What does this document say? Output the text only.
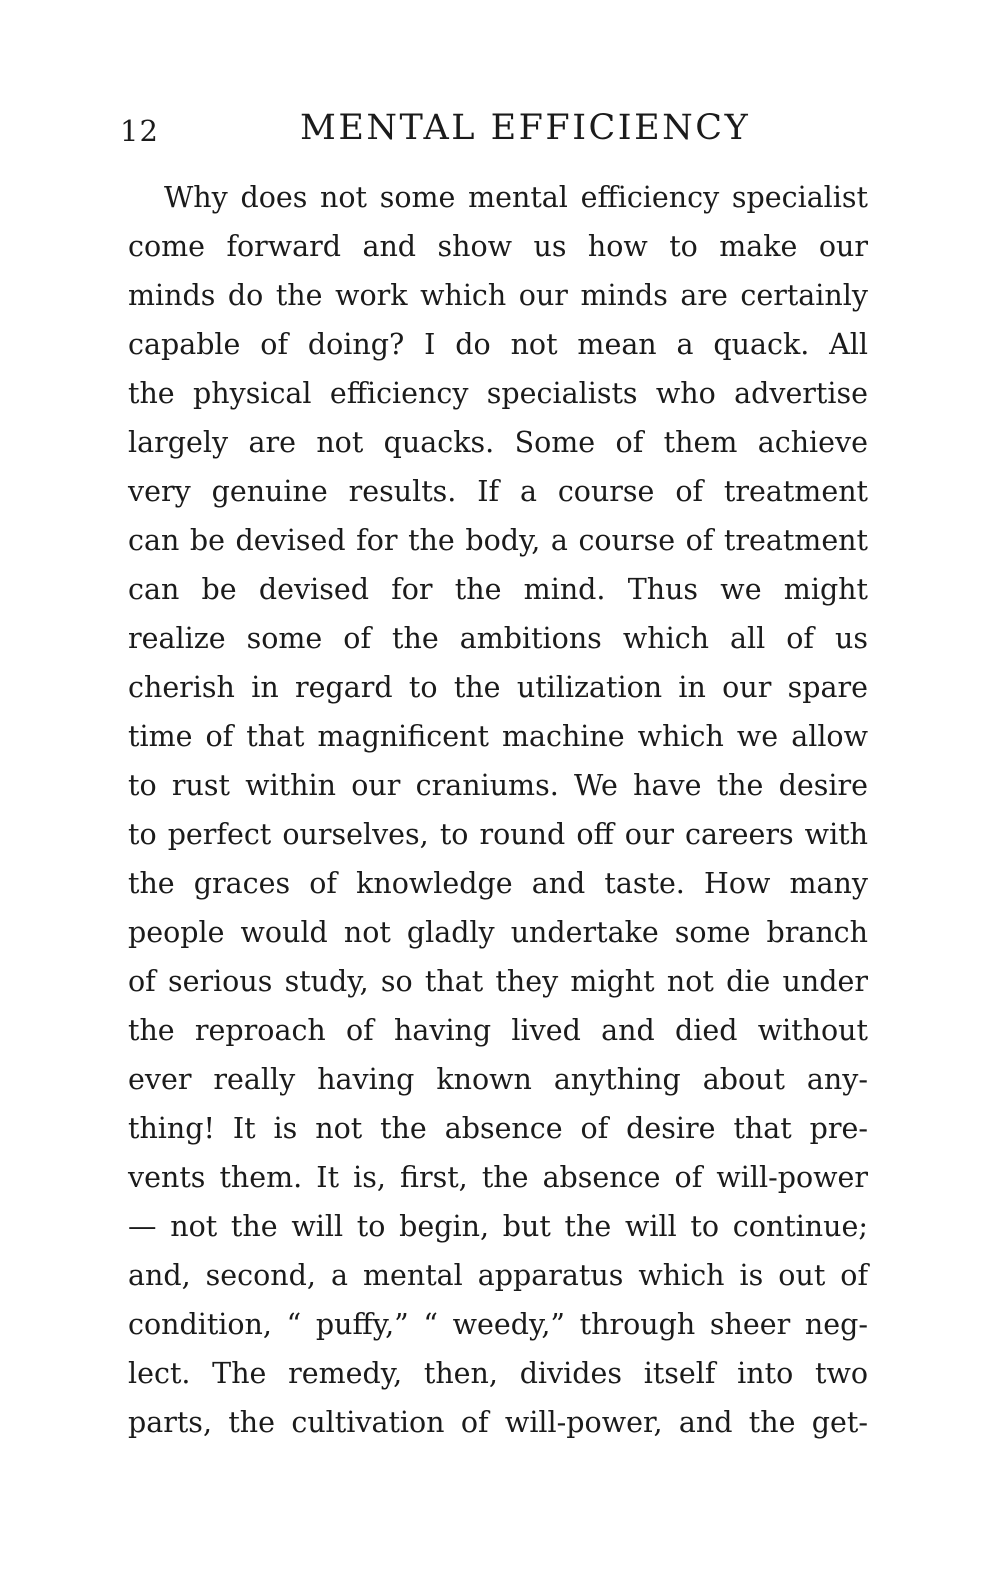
12	MENTAL EFFICIENCY
Why does not some mental efficiency specialist
come forward and show us how to make our
minds do the work which our minds are certainly
capable of doing? I do not mean a quack. All
the physical efficiency specialists who advertise
largely are not quacks. Some of them achieve
very genuine results. If a course of treatment
can be devised for the body, a course of treatment
can be devised for the mind. Thus we might
realize some of the ambitions which all of us
cherish in regard to the utilization in our spare
time of that magnificent machine which we allow
to rust within our craniums. We have the desire
to perfect ourselves, to round off our careers with
the graces of knowledge and taste. How many
people would not gladly undertake some branch
of serious study, so that they might not die under
the reproach of having lived and died without
ever really having known anything about any-
thing! It is not the absence of desire that pre-
vents them. It is, first, the absence of will-power
— not the will to begin, but the will to continue;
and, second, a mental apparatus which is out of
condition, “ puffy,” “ weedy,” through sheer neg-
lect. The remedy, then, divides itself into two
parts, the cultivation of will-power, and the get-
